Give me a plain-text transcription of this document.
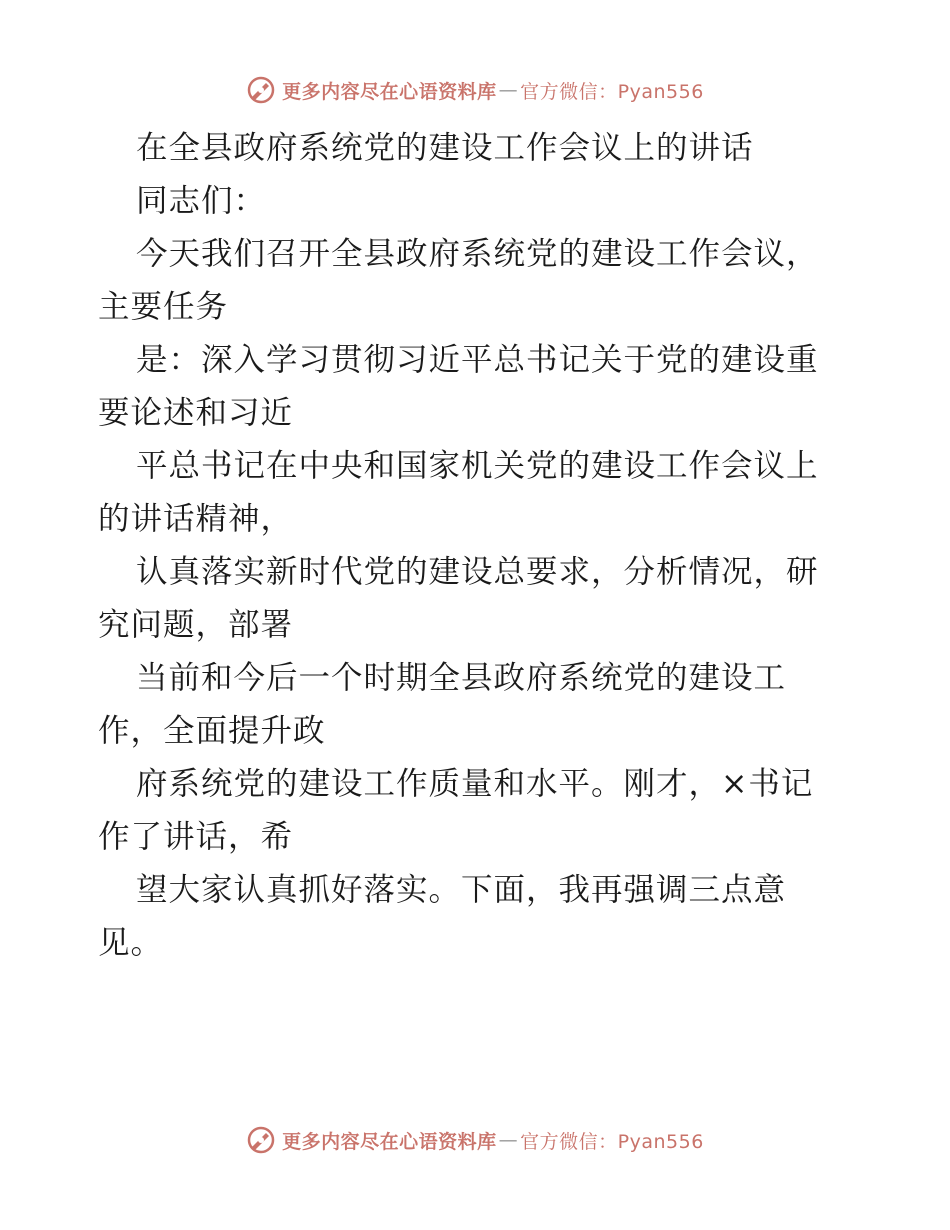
更多内容尽在心语资料库 — 官方微信：Pyan556
在全县政府系统党的建设工作会议上的讲话
同志们：
今天我们召开全县政府系统党的建设工作会议，
主要任务
是：深入学习贯彻习近平总书记关于党的建设重
要论述和习近
平总书记在中央和国家机关党的建设工作会议上
的讲话精神，
认真落实新时代党的建设总要求，分析情况，研
究问题，部署
当前和今后一个时期全县政府系统党的建设工
作，全面提升政
府系统党的建设工作质量和水平。刚才，×书记
作了讲话，希
望大家认真抓好落实。下面，我再强调三点意
见。
更多内容尽在心语资料库 — 官方微信：Pyan556
